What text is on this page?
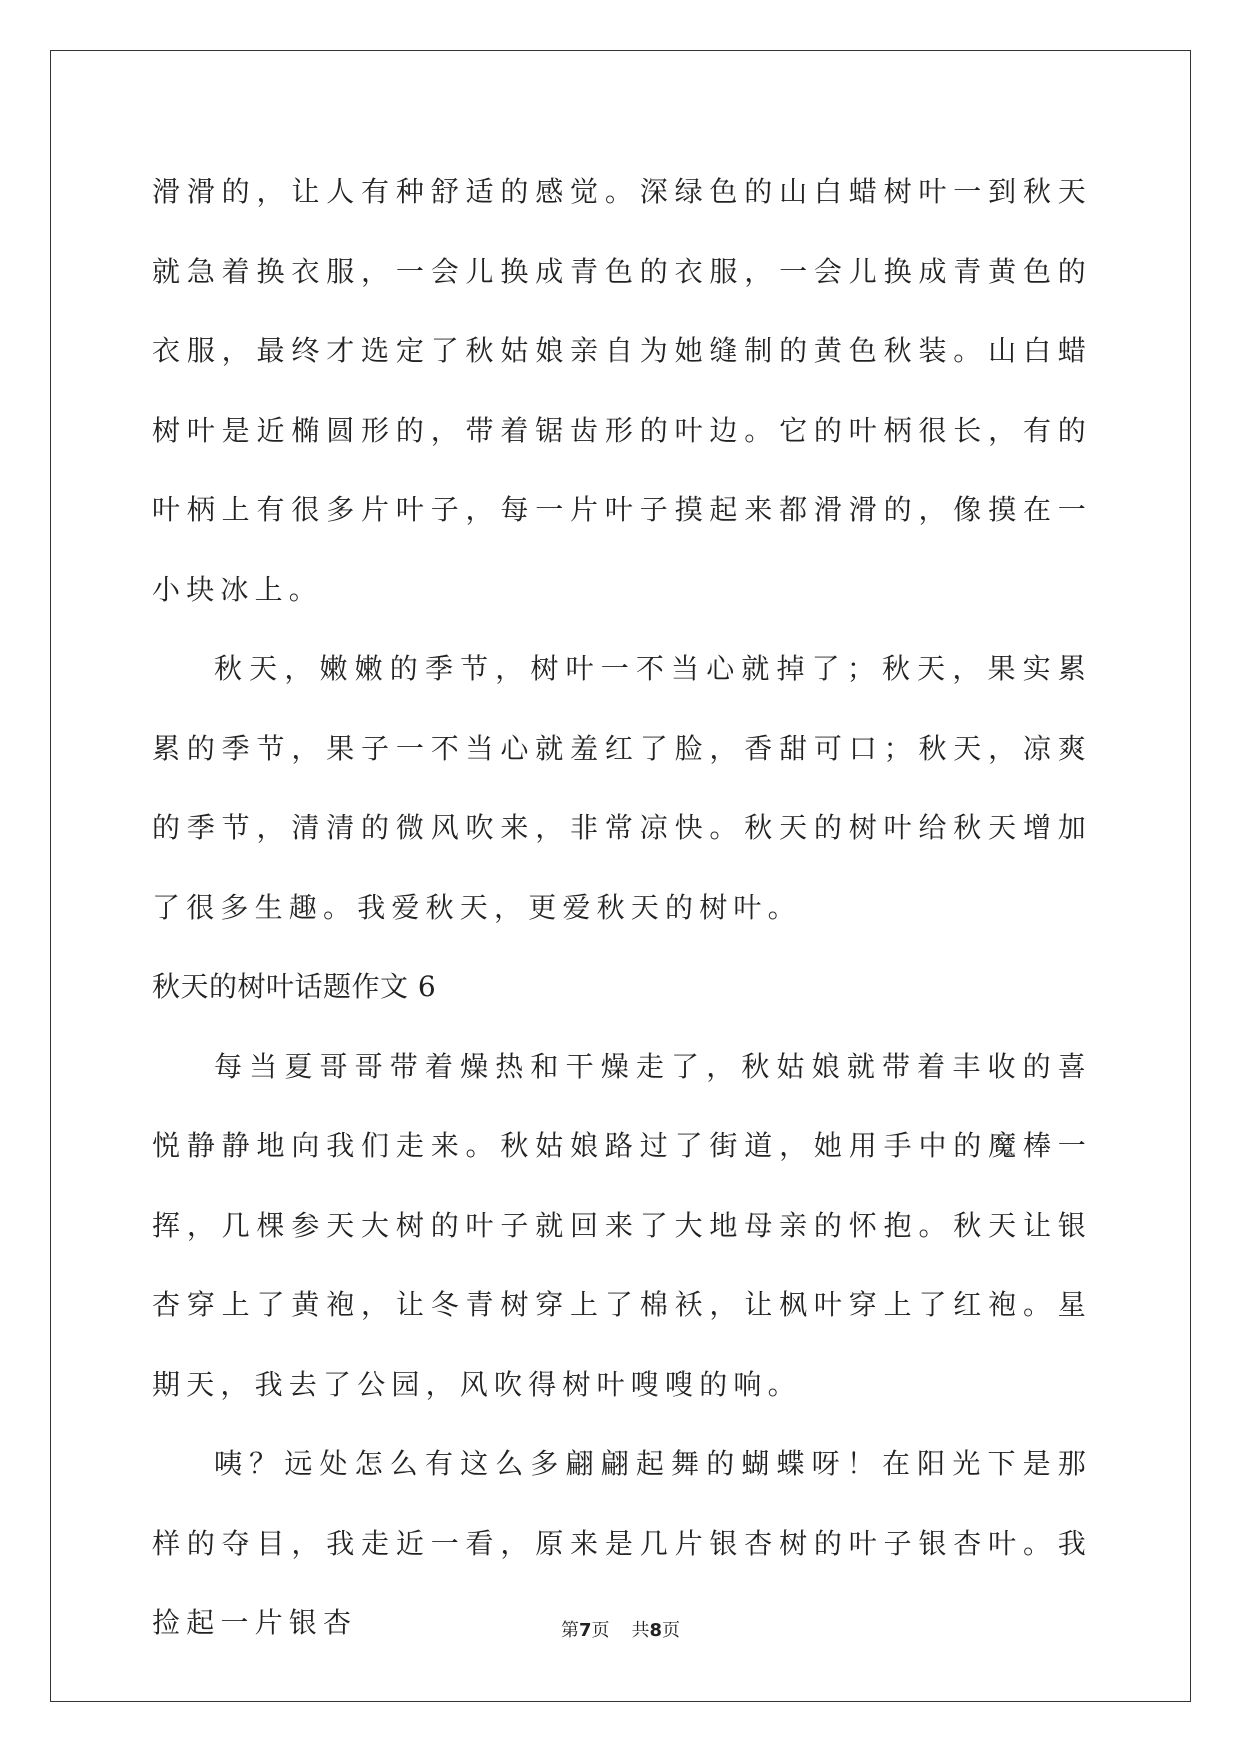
滑滑的，让人有种舒适的感觉。深绿色的山白蜡树叶一到秋天就急着换衣服，一会儿换成青色的衣服，一会儿换成青黄色的衣服，最终才选定了秋姑娘亲自为她缝制的黄色秋装。山白蜡树叶是近椭圆形的，带着锯齿形的叶边。它的叶柄很长，有的叶柄上有很多片叶子，每一片叶子摸起来都滑滑的，像摸在一小块冰上。

秋天，嫩嫩的季节，树叶一不当心就掉了；秋天，果实累累的季节，果子一不当心就羞红了脸，香甜可口；秋天，凉爽的季节，清清的微风吹来，非常凉快。秋天的树叶给秋天增加了很多生趣。我爱秋天，更爱秋天的树叶。

秋天的树叶话题作文 6

每当夏哥哥带着燥热和干燥走了，秋姑娘就带着丰收的喜悦静静地向我们走来。秋姑娘路过了街道，她用手中的魔棒一挥，几棵参天大树的叶子就回来了大地母亲的怀抱。秋天让银杏穿上了黄袍，让冬青树穿上了棉袄，让枫叶穿上了红袍。星期天，我去了公园，风吹得树叶嗖嗖的响。

咦？远处怎么有这么多翩翩起舞的蝴蝶呀！在阳光下是那样的夺目，我走近一看，原来是几片银杏树的叶子银杏叶。我捡起一片银杏	第7页 共8页
